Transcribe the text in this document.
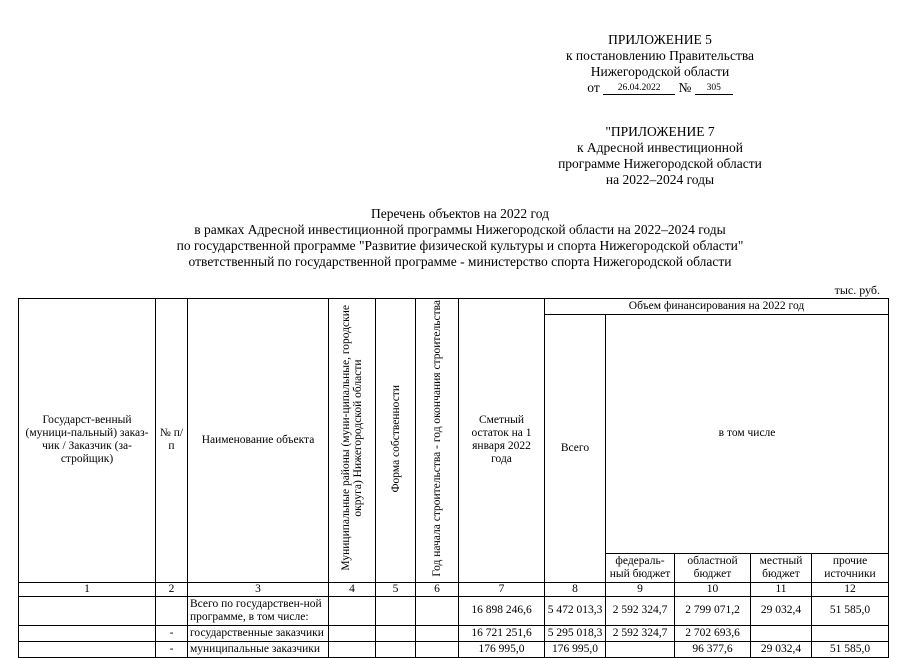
ПРИЛОЖЕНИЕ 5
к постановлению Правительства
Нижегородской области
от $^{26.04.2022}$ № $^{305}$
"ПРИЛОЖЕНИЕ 7
к Адресной инвестиционной
программе Нижегородской области
на 2022–2024 годы
Перечень объектов на 2022 год
в рамках Адресной инвестиционной программы Нижегородской области на 2022–2024 годы
по государственной программе "Развитие физической культуры и спорта Нижегородской области"
ответственный по государственной программе - министерство спорта Нижегородской области
тыс. руб.
Государст-венный (муници-пальный) заказ-чик / Заказчик (за-стройщик)	№ п/п	Наименование объекта	Муниципальные районы (муни-ципальные, городские округа) Нижегородской области	Форма собственности	Год начала строительства - год окончания строительства	Сметный остаток на 1 января 2022 года	Объем финансирования на 2022 год				
							Всего	в том числе			
								федераль-ный бюджет	областной бюджет	местный бюджет	прочие источники
1	2	3	4	5	6	7	8	9	10	11	12
		Всего по государствен-ной программе, в том числе:				16 898 246,6	5 472 013,3	2 592 324,7	2 799 071,2	29 032,4	51 585,0
	-	государственные заказчики				16 721 251,6	5 295 018,3	2 592 324,7	2 702 693,6		
	-	муниципальные заказчики				176 995,0	176 995,0		96 377,6	29 032,4	51 585,0
